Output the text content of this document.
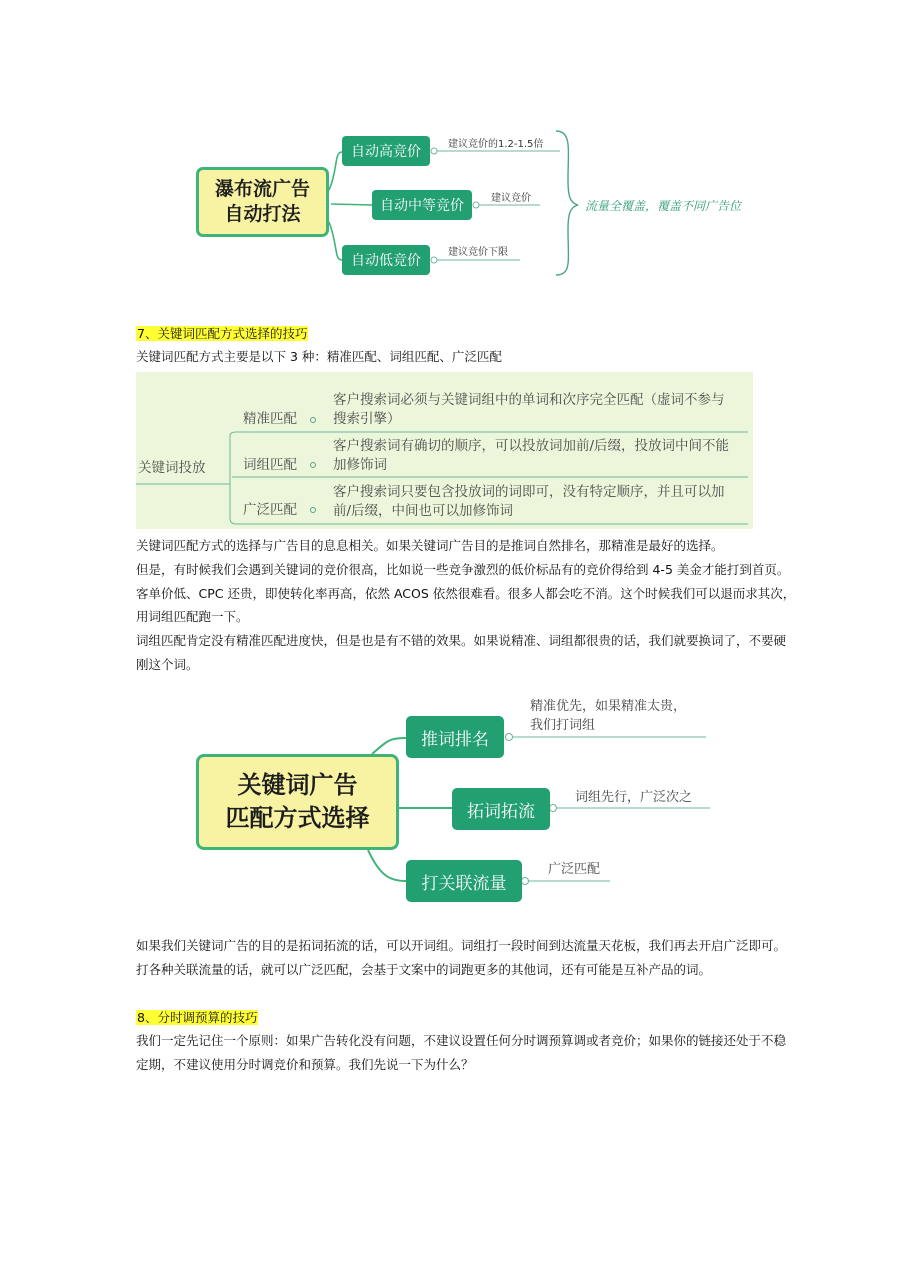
瀑布流广告
自动打法
自动高竞价	建议竞价的1.2-1.5倍
自动中等竞价	建议竞价
自动低竞价
建议竞价下限
流量全覆盖，覆盖不同广告位
7、关键词匹配方式选择的技巧
关键词匹配方式主要是以下 3 种：精准匹配、词组匹配、广泛匹配
关键词投放
精准匹配
客户搜索词必须与关键词组中的单词和次序完全匹配（虚词不参与
搜索引擎）
词组匹配
客户搜索词有确切的顺序，可以投放词加前/后缀，投放词中间不能
加修饰词
广泛匹配
客户搜索词只要包含投放词的词即可，没有特定顺序，并且可以加
前/后缀，中间也可以加修饰词
关键词匹配方式的选择与广告目的息息相关。如果关键词广告目的是推词自然排名，那精准是最好的选择。
但是，有时候我们会遇到关键词的竞价很高，比如说一些竞争激烈的低价标品有的竞价得给到 4-5 美金才能打到首页。
客单价低、CPC 还贵，即使转化率再高，依然 ACOS 依然很难看。很多人都会吃不消。这个时候我们可以退而求其次，
用词组匹配跑一下。
词组匹配肯定没有精准匹配进度快，但是也是有不错的效果。如果说精准、词组都很贵的话，我们就要换词了，不要硬
刚这个词。
关键词广告
匹配方式选择
推词排名
精准优先，如果精准太贵，
我们打词组
拓词拓流
词组先行，广泛次之
打关联流量
广泛匹配
如果我们关键词广告的目的是拓词拓流的话，可以开词组。词组打一段时间到达流量天花板，我们再去开启广泛即可。
打各种关联流量的话，就可以广泛匹配，会基于文案中的词跑更多的其他词，还有可能是互补产品的词。
8、分时调预算的技巧
我们一定先记住一个原则：如果广告转化没有问题，不建议设置任何分时调预算调或者竞价；如果你的链接还处于不稳
定期，不建议使用分时调竞价和预算。我们先说一下为什么？
